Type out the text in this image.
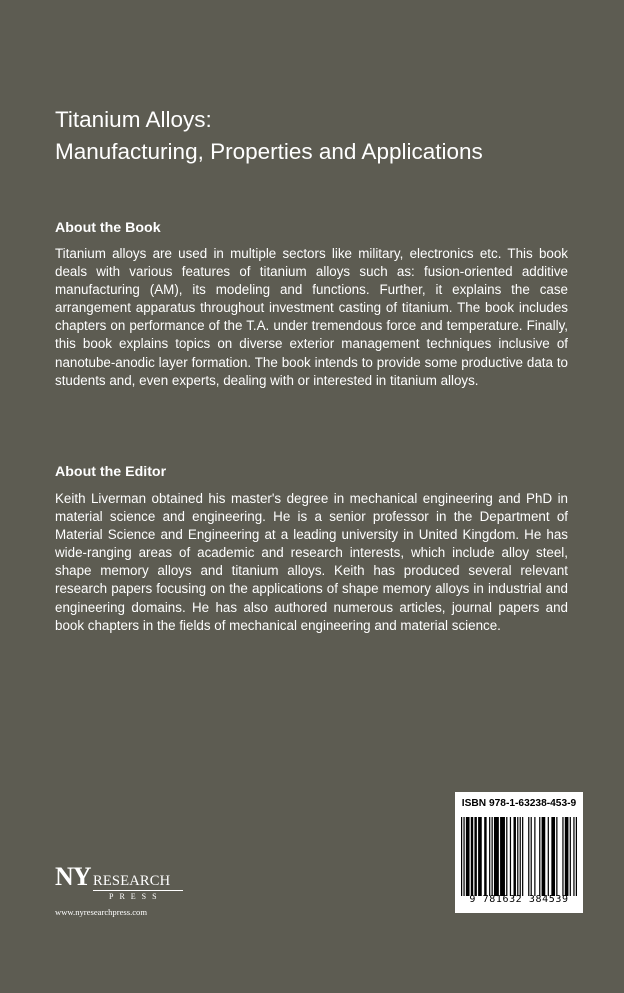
Titanium Alloys:
Manufacturing, Properties and Applications
About the Book

Titanium alloys are used in multiple sectors like military, electronics etc. This book deals with various features of titanium alloys such as: fusion-oriented additive manufacturing (AM), its modeling and functions. Further, it explains the case arrangement apparatus throughout investment casting of titanium. The book includes chapters on performance of the T.A. under tremendous force and temperature. Finally, this book explains topics on diverse exterior management techniques inclusive of nanotube-anodic layer formation. The book intends to provide some productive data to students and, even experts, dealing with or interested in titanium alloys.

About the Editor

Keith Liverman obtained his master's degree in mechanical engineering and PhD in material science and engineering. He is a senior professor in the Department of Material Science and Engineering at a leading university in United Kingdom. He has wide-ranging areas of academic and research interests, which include alloy steel, shape memory alloys and titanium alloys. Keith has produced several relevant research papers focusing on the applications of shape memory alloys in industrial and engineering domains. He has also authored numerous articles, journal papers and book chapters in the fields of mechanical engineering and material science.

ISBN 978-1-63238-453-9
9 781632 384539
NY RESEARCH
PRESS
www.nyresearchpress.com
